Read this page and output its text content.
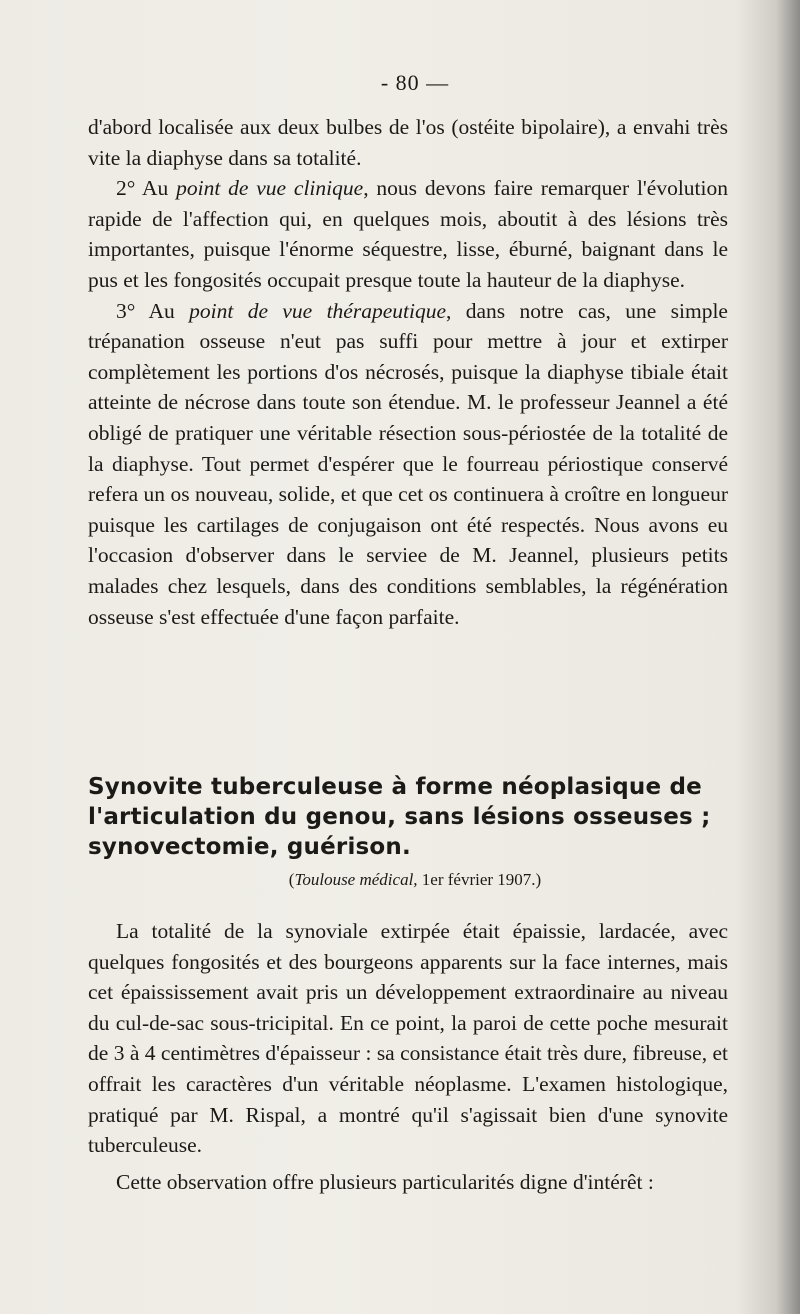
- 80 —

d'abord localisée aux deux bulbes de l'os (ostéite bipolaire), a envahi très vite la diaphyse dans sa totalité.

2° Au point de vue clinique, nous devons faire remarquer l'évolution rapide de l'affection qui, en quelques mois, aboutit à des lésions très importantes, puisque l'énorme séquestre, lisse, éburné, baignant dans le pus et les fongosités occupait presque toute la hauteur de la diaphyse.

3° Au point de vue thérapeutique, dans notre cas, une simple trépanation osseuse n'eut pas suffi pour mettre à jour et extirper complètement les portions d'os nécrosés, puisque la diaphyse tibiale était atteinte de nécrose dans toute son étendue. M. le professeur Jeannel a été obligé de pratiquer une véritable résection sous-périostée de la totalité de la diaphyse. Tout permet d'espérer que le fourreau périostique conservé refera un os nouveau, solide, et que cet os continuera à croître en longueur puisque les cartilages de conjugaison ont été respectés. Nous avons eu l'occasion d'observer dans le serviee de M. Jeannel, plusieurs petits malades chez lesquels, dans des conditions semblables, la régénération osseuse s'est effectuée d'une façon parfaite.

Synovite tuberculeuse à forme néoplasique de
l'articulation du genou, sans lésions osseuses ;
synovectomie, guérison.
(Toulouse médical, 1er février 1907.)

La totalité de la synoviale extirpée était épaissie, lardacée, avec quelques fongosités et des bourgeons apparents sur la face internes, mais cet épaississement avait pris un développement extraordinaire au niveau du cul-de-sac sous-tricipital. En ce point, la paroi de cette poche mesurait de 3 à 4 centimètres d'épaisseur : sa consistance était très dure, fibreuse, et offrait les caractères d'un véritable néoplasme. L'examen histologique, pratiqué par M. Rispal, a montré qu'il s'agissait bien d'une synovite tuberculeuse.

Cette observation offre plusieurs particularités digne d'intérêt :
